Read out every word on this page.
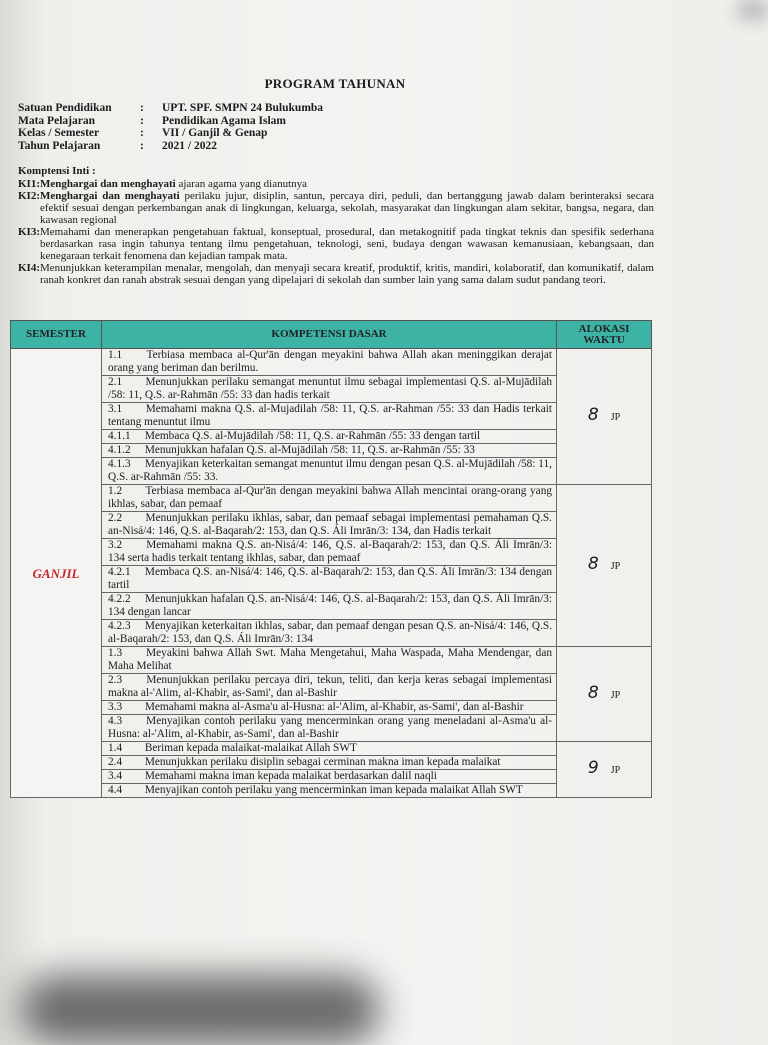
PROGRAM TAHUNAN
Satuan Pendidikan	:	UPT. SPF. SMPN 24 Bulukumba
Mata Pelajaran	:	Pendidikan Agama Islam
Kelas / Semester	:	VII / Ganjil & Genap
Tahun Pelajaran	:	2021 / 2022
Komptensi Inti :
KI1: Menghargai dan menghayati ajaran agama yang dianutnya
KI2: Menghargai dan menghayati perilaku jujur, disiplin, santun, percaya diri, peduli, dan bertanggung jawab dalam berinteraksi secara efektif sesuai dengan perkembangan anak di lingkungan, keluarga, sekolah, masyarakat dan lingkungan alam sekitar, bangsa, negara, dan kawasan regional
KI3: Memahami dan menerapkan pengetahuan faktual, konseptual, prosedural, dan metakognitif pada tingkat teknis dan spesifik sederhana berdasarkan rasa ingin tahunya tentang ilmu pengetahuan, teknologi, seni, budaya dengan wawasan kemanusiaan, kebangsaan, dan kenegaraan terkait fenomena dan kejadian tampak mata.
KI4: Menunjukkan keterampilan menalar, mengolah, dan menyaji secara kreatif, produktif, kritis, mandiri, kolaboratif, dan komunikatif, dalam ranah konkret dan ranah abstrak sesuai dengan yang dipelajari di sekolah dan sumber lain yang sama dalam sudut pandang teori.
SEMESTER	KOMPETENSI DASAR	ALOKASI WAKTU
GANJIL	1.1 Terbiasa membaca al-Qur'ān dengan meyakini bahwa Allah akan meninggikan derajat orang yang beriman dan berilmu.	8 JP
	2.1 Menunjukkan perilaku semangat menuntut ilmu sebagai implementasi Q.S. al-Mujādilah /58: 11, Q.S. ar-Rahmān /55: 33 dan hadis terkait	
	3.1 Memahami makna Q.S. al-Mujadilah /58: 11, Q.S. ar-Rahman /55: 33 dan Hadis terkait tentang menuntut ilmu	
	4.1.1 Membaca Q.S. al-Mujādilah /58: 11, Q.S. ar-Rahmān /55: 33 dengan tartil	
	4.1.2 Menunjukkan hafalan Q.S. al-Mujādilah /58: 11, Q.S. ar-Rahmān /55: 33	
	4.1.3 Menyajikan keterkaitan semangat menuntut ilmu dengan pesan Q.S. al-Mujādilah /58: 11, Q.S. ar-Rahmān /55: 33.	
	1.2 Terbiasa membaca al-Qur'ān dengan meyakini bahwa Allah mencintai orang-orang yang ikhlas, sabar, dan pemaaf	8 JP
	2.2 Menunjukkan perilaku ikhlas, sabar, dan pemaaf sebagai implementasi pemahaman Q.S. an-Nisá/4: 146, Q.S. al-Baqarah/2: 153, dan Q.S. Áli Imrān/3: 134, dan Hadis terkait	
	3.2 Memahami makna Q.S. an-Nisá/4: 146, Q.S. al-Baqarah/2: 153, dan Q.S. Áli Imrān/3: 134 serta hadis terkait tentang ikhlas, sabar, dan pemaaf	
	4.2.1 Membaca Q.S. an-Nisá/4: 146, Q.S. al-Baqarah/2: 153, dan Q.S. Áli Imrān/3: 134 dengan tartil	
	4.2.2 Menunjukkan hafalan Q.S. an-Nisá/4: 146, Q.S. al-Baqarah/2: 153, dan Q.S. Áli Imrān/3: 134 dengan lancar	
	4.2.3 Menyajikan keterkaitan ikhlas, sabar, dan pemaaf dengan pesan Q.S. an-Nisá/4: 146, Q.S. al-Baqarah/2: 153, dan Q.S. Áli Imrān/3: 134	
	1.3 Meyakini bahwa Allah Swt. Maha Mengetahui, Maha Waspada, Maha Mendengar, dan Maha Melihat	8 JP
	2.3 Menunjukkan perilaku percaya diri, tekun, teliti, dan kerja keras sebagai implementasi makna al-'Alim, al-Khabir, as-Sami', dan al-Bashir	
	3.3 Memahami makna al-Asma'u al-Husna: al-'Alim, al-Khabir, as-Sami', dan al-Bashir	
	4.3 Menyajikan contoh perilaku yang mencerminkan orang yang meneladani al-Asma'u al-Husna: al-'Alim, al-Khabir, as-Sami', dan al-Bashir	
	1.4 Beriman kepada malaikat-malaikat Allah SWT	9 JP
	2.4 Menunjukkan perilaku disiplin sebagai cerminan makna iman kepada malaikat	
	3.4 Memahami makna iman kepada malaikat berdasarkan dalil naqli	
	4.4 Menyajikan contoh perilaku yang mencerminkan iman kepada malaikat Allah SWT	
